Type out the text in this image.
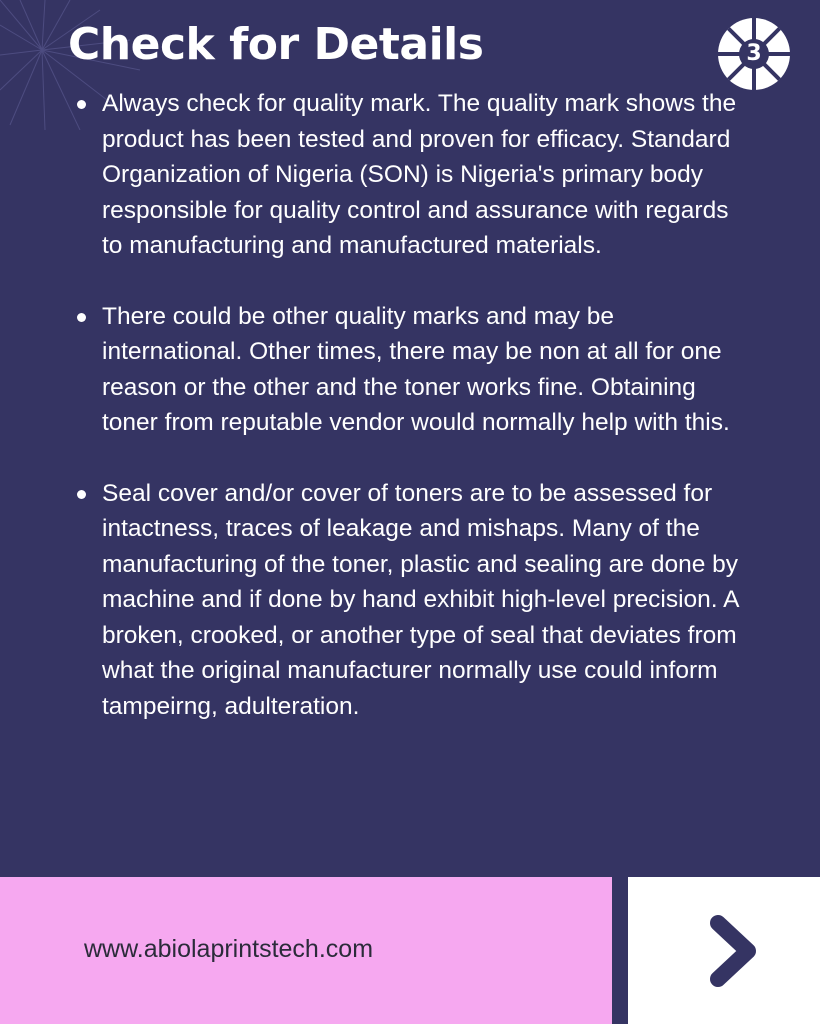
Check for Details	3
Always check for quality mark. The quality mark shows the product has been tested and proven for efficacy. Standard Organization of Nigeria (SON) is Nigeria's primary body responsible for quality control and assurance with regards to manufacturing and manufactured materials.
There could be other quality marks and may be international. Other times, there may be non at all for one reason or the other and the toner works fine. Obtaining toner from reputable vendor would normally help with this.
Seal cover and/or cover of toners are to be assessed for intactness, traces of leakage and mishaps. Many of the manufacturing of the toner, plastic and sealing are done by machine and if done by hand exhibit high-level precision. A broken, crooked, or another type of seal that deviates from what the original manufacturer normally use could inform tampeirng, adulteration.
www.abiolaprintstech.com
